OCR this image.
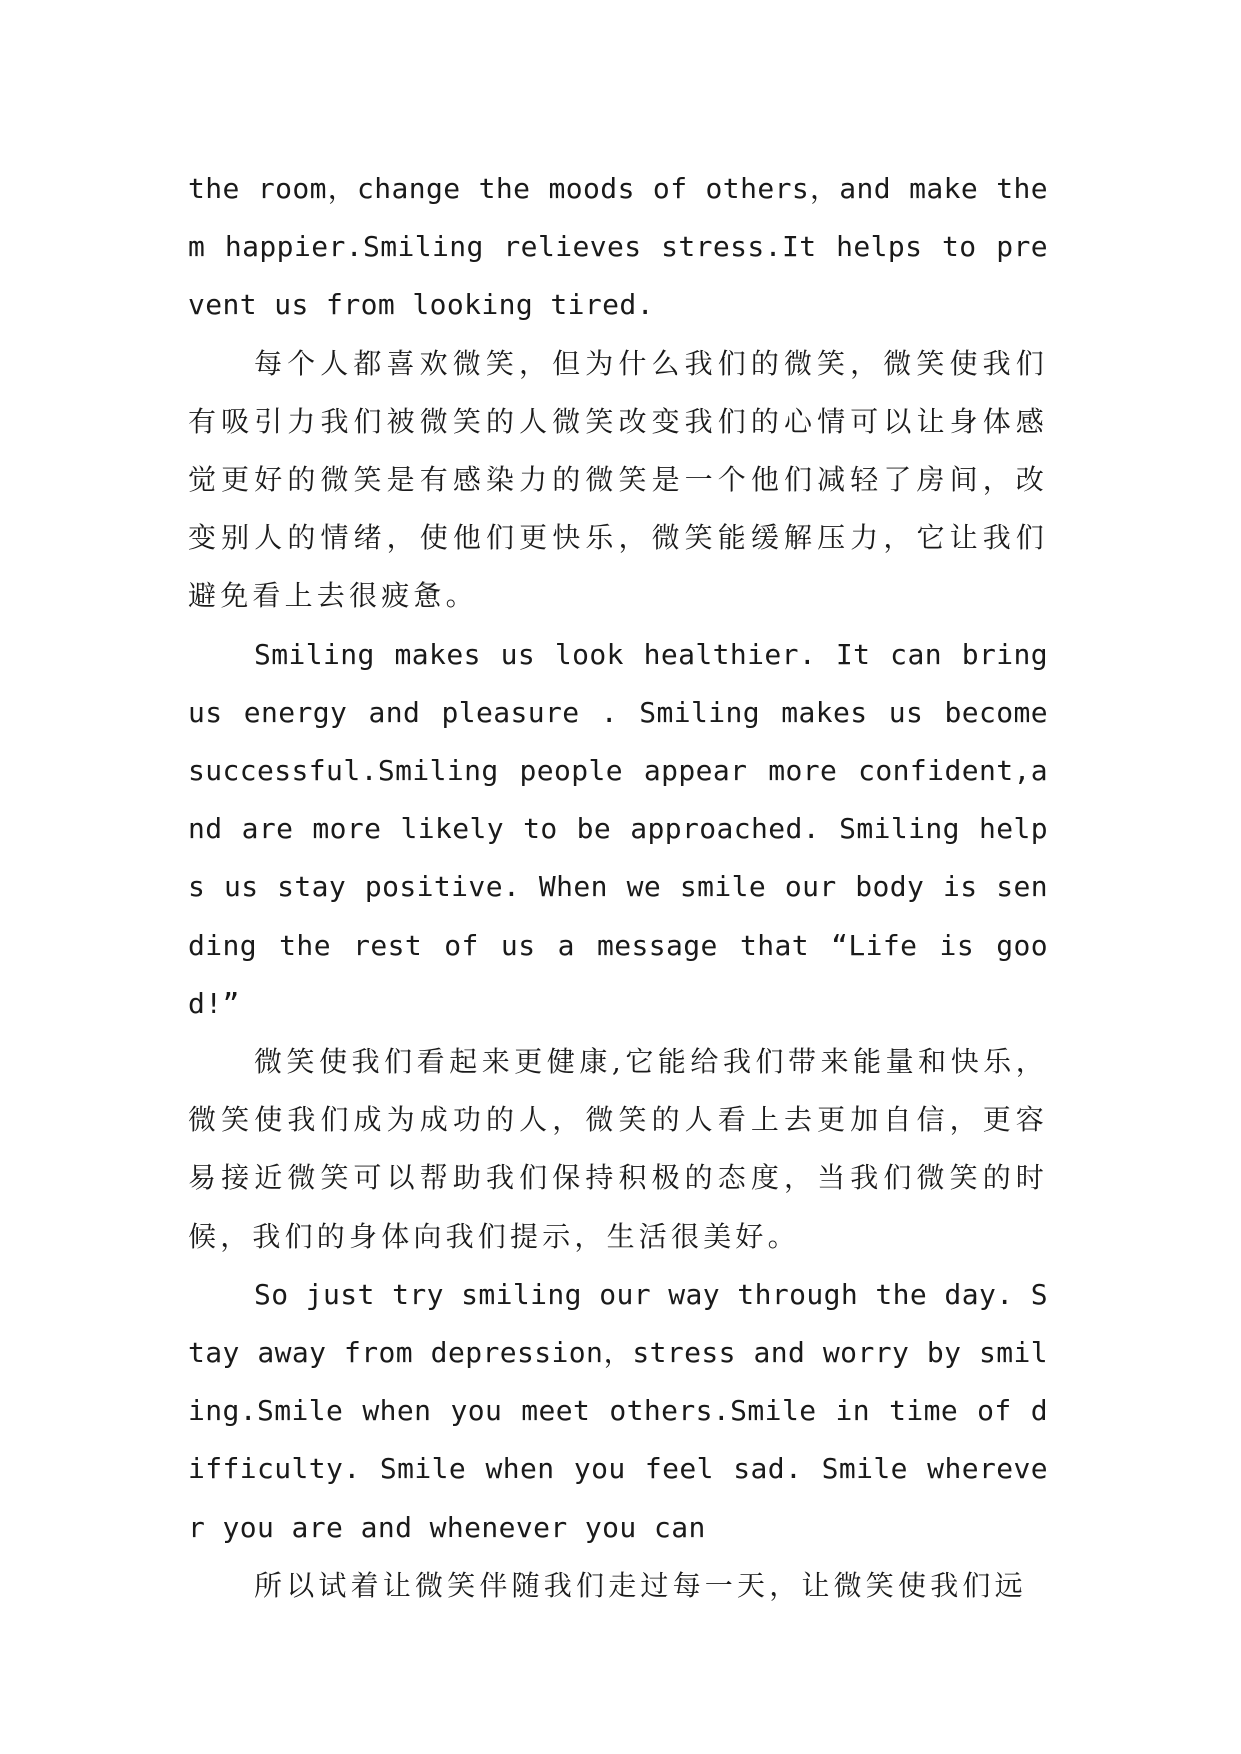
the room，change the moods of others，and make them happier.Smiling relieves stress.It helps to prevent us from looking tired.

每个人都喜欢微笑，但为什么我们的微笑，微笑使我们有吸引力我们被微笑的人微笑改变我们的心情可以让身体感觉更好的微笑是有感染力的微笑是一个他们减轻了房间，改变别人的情绪，使他们更快乐，微笑能缓解压力，它让我们避免看上去很疲惫。

Smiling makes us look healthier. It can bring us energy and pleasure . Smiling makes us become successful.Smiling people appear more confident,and are more likely to be approached. Smiling helps us stay positive. When we smile our body is sending the rest of us a message that “Life is good!”

微笑使我们看起来更健康,它能给我们带来能量和快乐，微笑使我们成为成功的人，微笑的人看上去更加自信，更容易接近微笑可以帮助我们保持积极的态度，当我们微笑的时候，我们的身体向我们提示，生活很美好。

So just try smiling our way through the day. Stay away from depression，stress and worry by smiling.Smile when you meet others.Smile in time of difficulty. Smile when you feel sad. Smile wherever you are and whenever you can

所以试着让微笑伴随我们走过每一天，让微笑使我们远
